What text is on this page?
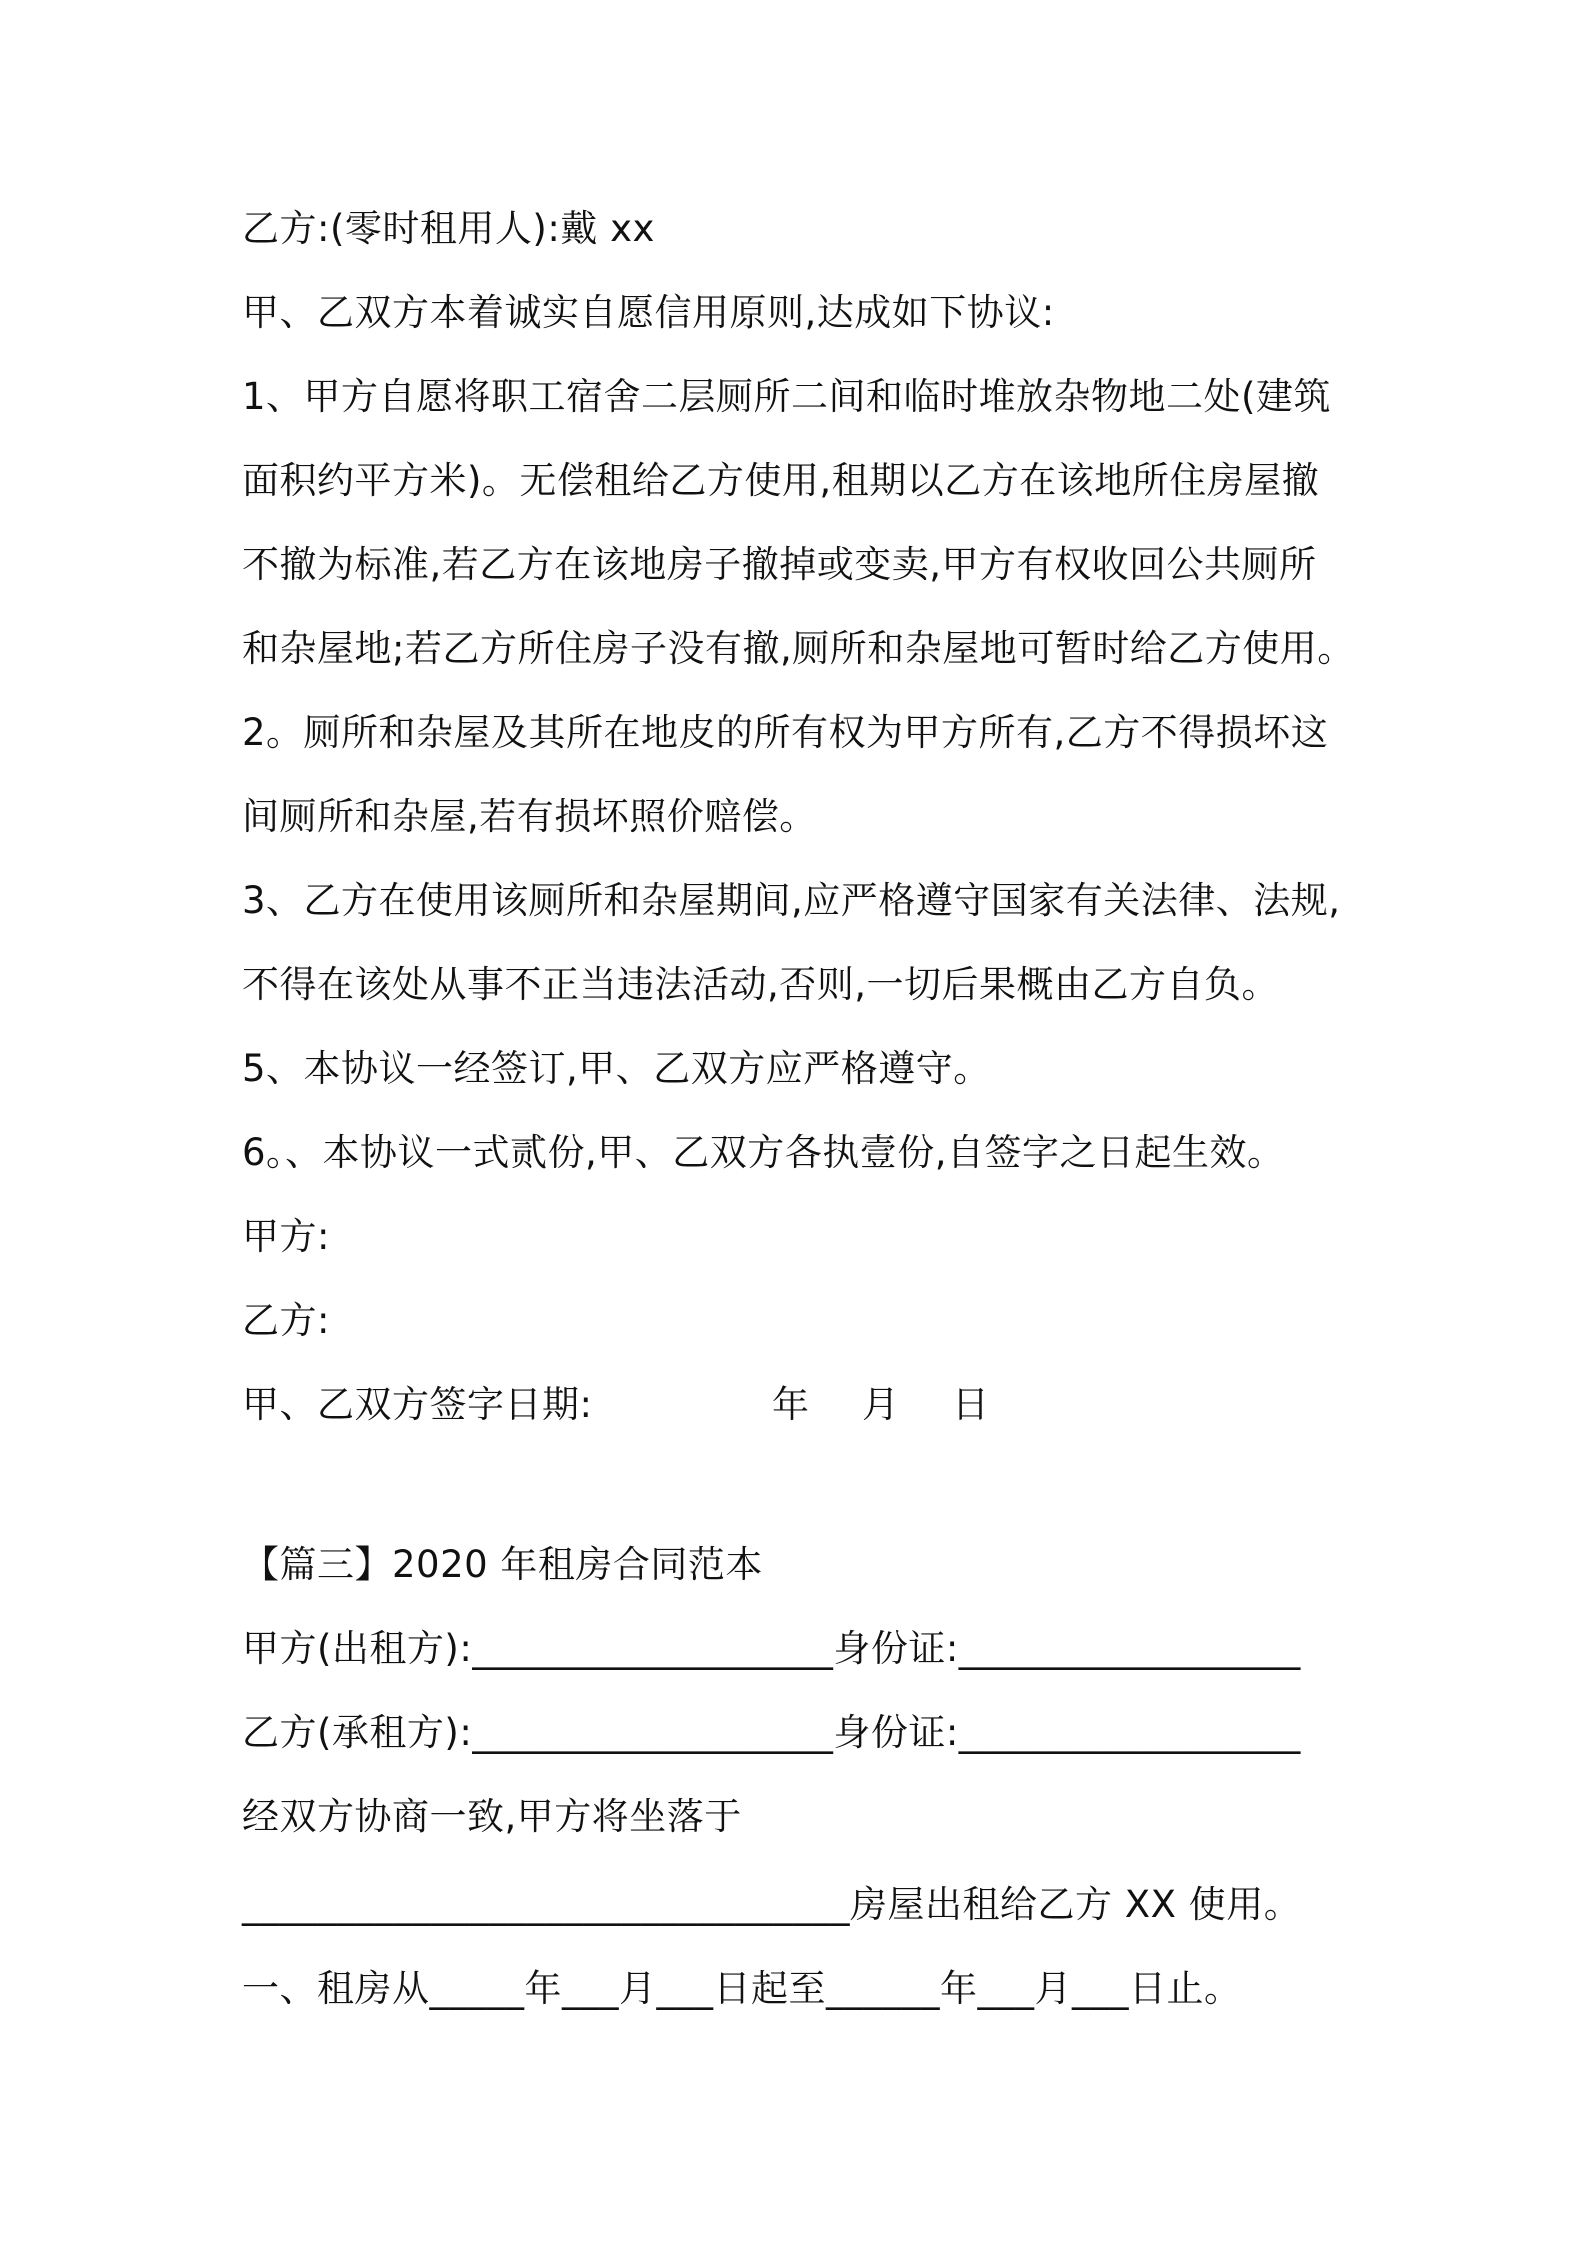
乙方:(零时租用人):戴 xx
甲、乙双方本着诚实自愿信用原则,达成如下协议:
1、甲方自愿将职工宿舍二层厕所二间和临时堆放杂物地二处(建筑
面积约平方米)。无偿租给乙方使用,租期以乙方在该地所住房屋撤
不撤为标准,若乙方在该地房子撤掉或变卖,甲方有权收回公共厕所
和杂屋地;若乙方所住房子没有撤,厕所和杂屋地可暂时给乙方使用。
2。厕所和杂屋及其所在地皮的所有权为甲方所有,乙方不得损坏这
间厕所和杂屋,若有损坏照价赔偿。
3、乙方在使用该厕所和杂屋期间,应严格遵守国家有关法律、法规,
不得在该处从事不正当违法活动,否则,一切后果概由乙方自负。
5、本协议一经签订,甲、乙双方应严格遵守。
6。、本协议一式贰份,甲、乙双方各执壹份,自签字之日起生效。
甲方:
乙方:
甲、乙双方签字日期:	年 月 日
【篇三】2020 年租房合同范本
甲方(出租方):___________________身份证:__________________
乙方(承租方):___________________身份证:__________________
经双方协商一致,甲方将坐落于
________________________________房屋出租给乙方 XX 使用。
一、租房从_____年___月___日起至______年___月___日止。
